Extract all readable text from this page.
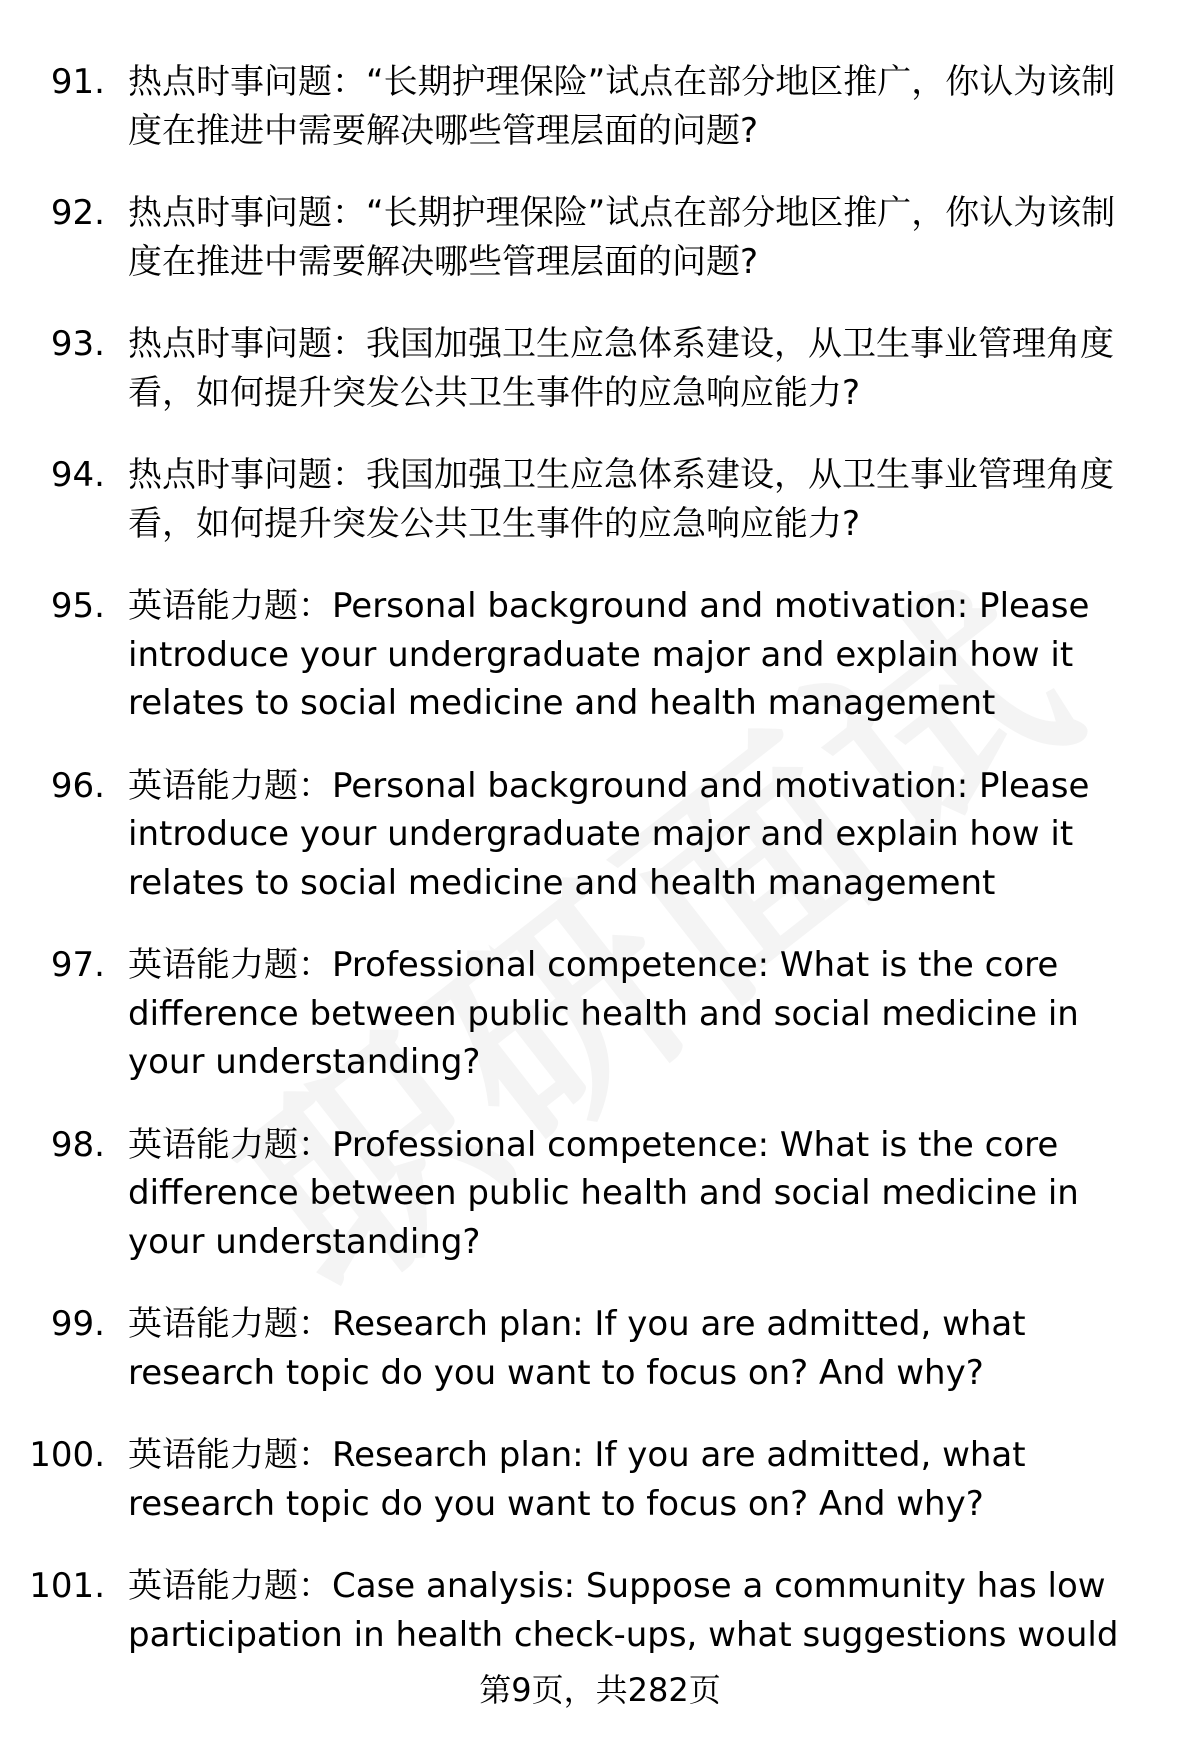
91. 热点时事问题：“长期护理保险”试点在部分地区推广，你认为该制度在推进中需要解决哪些管理层面的问题?
92. 热点时事问题：“长期护理保险”试点在部分地区推广，你认为该制度在推进中需要解决哪些管理层面的问题?
93. 热点时事问题：我国加强卫生应急体系建设，从卫生事业管理角度看，如何提升突发公共卫生事件的应急响应能力?
94. 热点时事问题：我国加强卫生应急体系建设，从卫生事业管理角度看，如何提升突发公共卫生事件的应急响应能力?
95. 英语能力题：Personal background and motivation: Please introduce your undergraduate major and explain how it relates to social medicine and health management
96. 英语能力题：Personal background and motivation: Please introduce your undergraduate major and explain how it relates to social medicine and health management
97. 英语能力题：Professional competence: What is the core difference between public health and social medicine in your understanding?
98. 英语能力题：Professional competence: What is the core difference between public health and social medicine in your understanding?
99. 英语能力题：Research plan: If you are admitted, what research topic do you want to focus on? And why?
100. 英语能力题：Research plan: If you are admitted, what research topic do you want to focus on? And why?
101. 英语能力题：Case analysis: Suppose a community has low participation in health check-ups, what suggestions would
第9页，共282页
